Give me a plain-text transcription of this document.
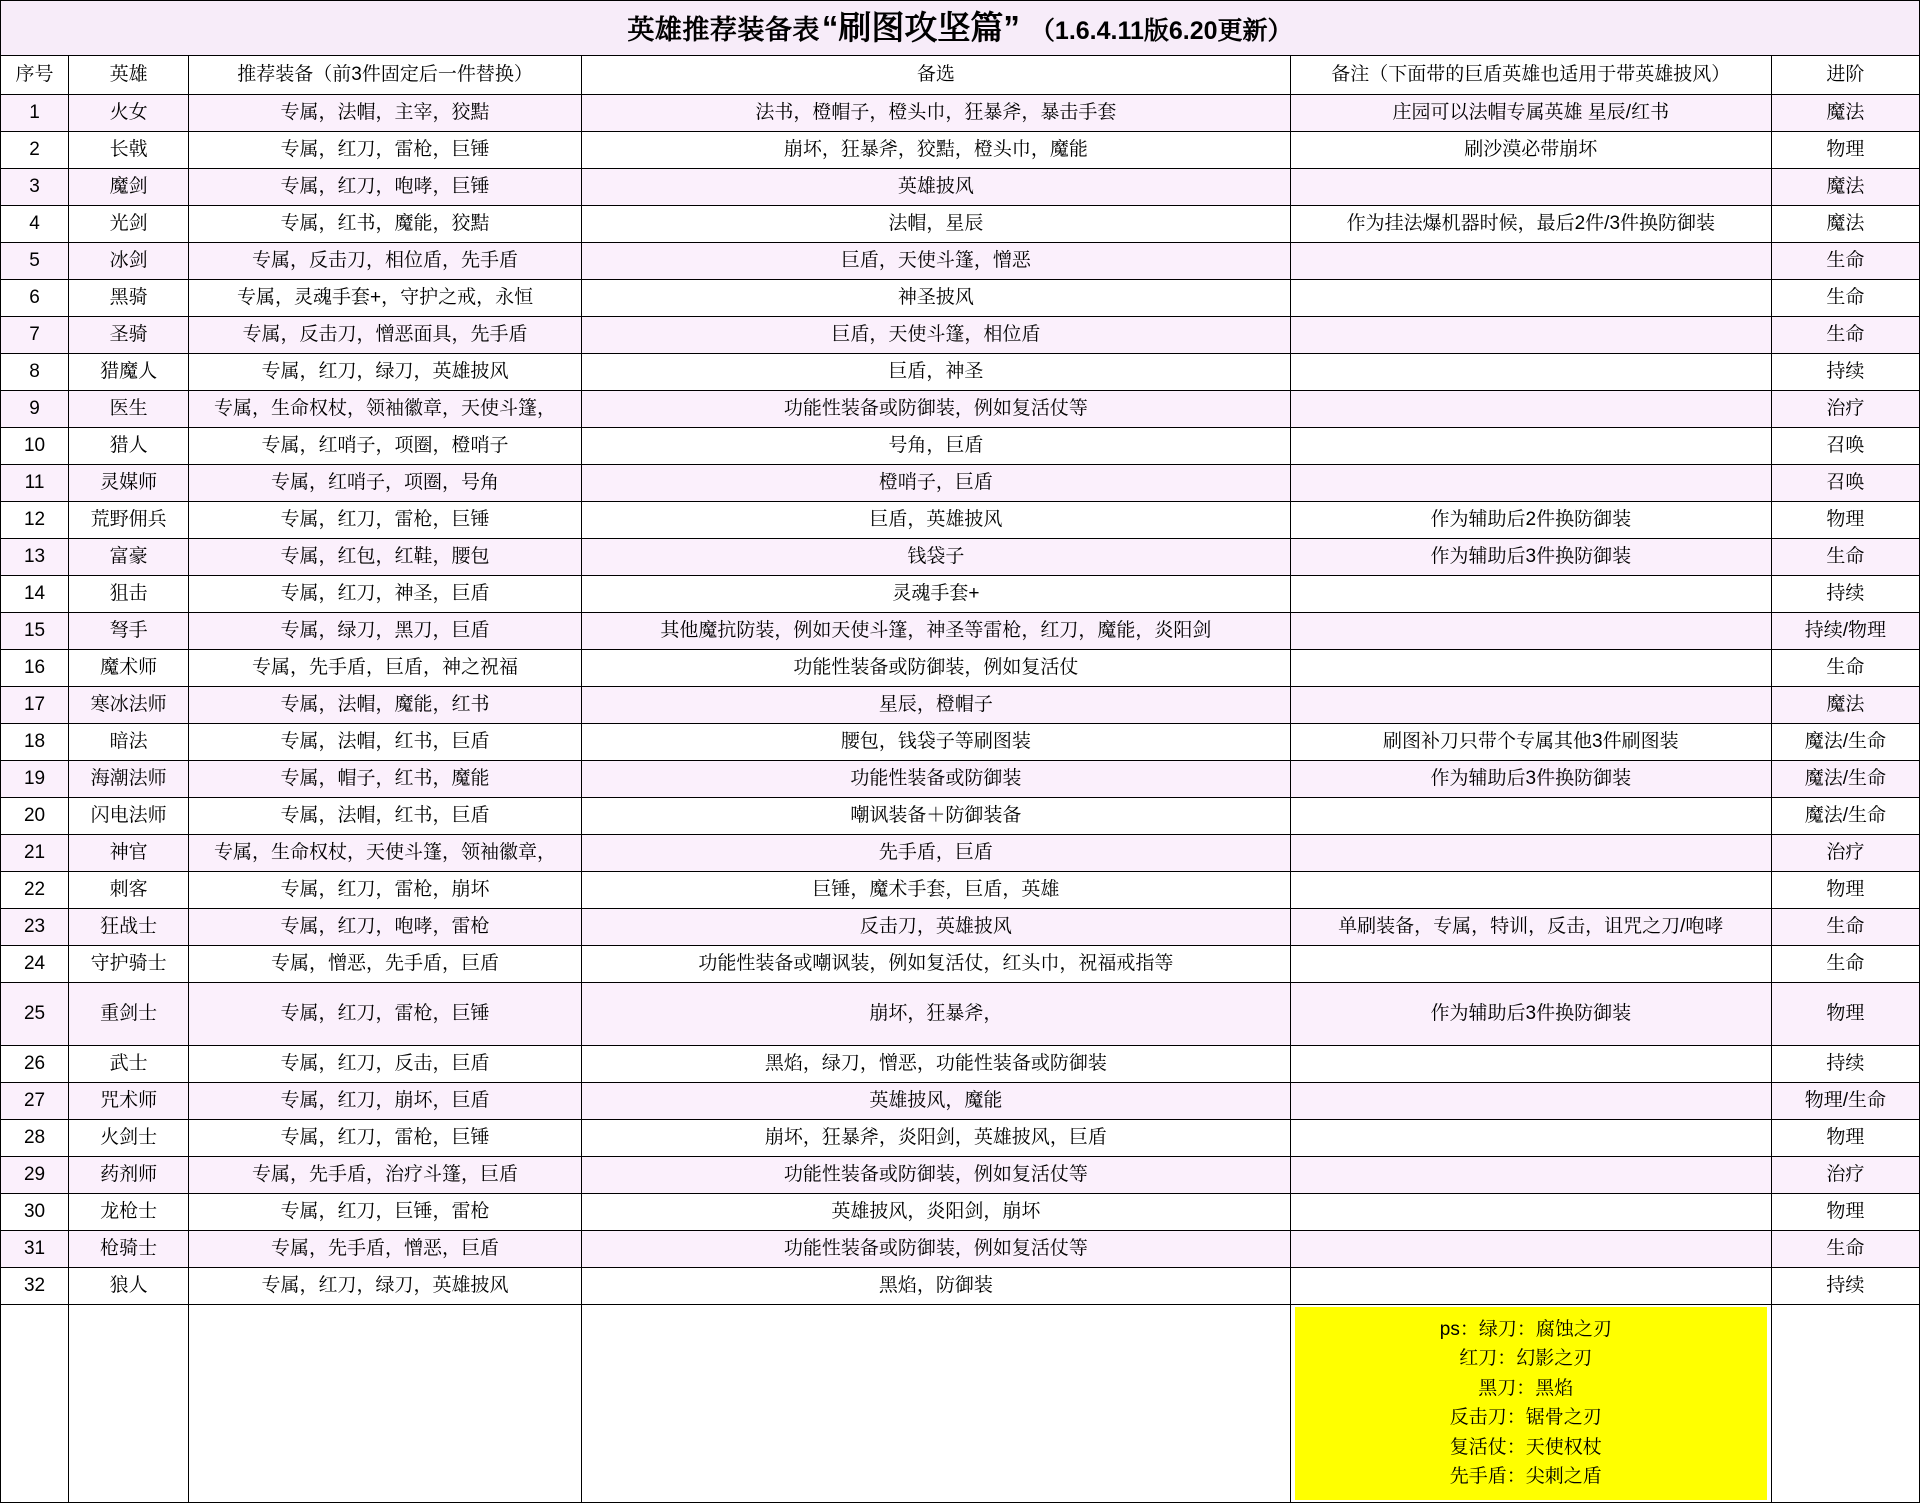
英雄推荐装备表 “刷图攻坚篇” （1.6.4.11版6.20更新）					

序号	英雄	推荐装备（前3件固定后一件替换）	备选	备注（下面带的巨盾英雄也适用于带英雄披风）	进阶
1	火女	专属，法帽，主宰，狡黠	法书，橙帽子，橙头巾，狂暴斧，暴击手套	庄园可以法帽专属英雄 星辰/红书	魔法
2	长戟	专属，红刀，雷枪，巨锤	崩坏，狂暴斧，狡黠，橙头巾，魔能	刷沙漠必带崩坏	物理
3	魔剑	专属，红刀，咆哮，巨锤	英雄披风		魔法
4	光剑	专属，红书，魔能，狡黠	法帽，星辰	作为挂法爆机器时候，最后2件/3件换防御装	魔法
5	冰剑	专属，反击刀，相位盾，先手盾	巨盾，天使斗篷，憎恶		生命
6	黑骑	专属，灵魂手套+，守护之戒，永恒	神圣披风		生命
7	圣骑	专属，反击刀，憎恶面具，先手盾	巨盾，天使斗篷，相位盾		生命
8	猎魔人	专属，红刀，绿刀，英雄披风	巨盾，神圣		持续
9	医生	专属，生命权杖，领袖徽章，天使斗篷，	功能性装备或防御装，例如复活仗等		治疗
10	猎人	专属，红哨子，项圈，橙哨子	号角，巨盾		召唤
11	灵媒师	专属，红哨子，项圈，号角	橙哨子，巨盾		召唤
12	荒野佣兵	专属，红刀，雷枪，巨锤	巨盾，英雄披风	作为辅助后2件换防御装	物理
13	富豪	专属，红包，红鞋，腰包	钱袋子	作为辅助后3件换防御装	生命
14	狙击	专属，红刀，神圣，巨盾	灵魂手套+		持续
15	弩手	专属，绿刀，黑刀，巨盾	其他魔抗防装，例如天使斗篷，神圣等雷枪，红刀，魔能，炎阳剑		持续/物理
16	魔术师	专属，先手盾，巨盾，神之祝福	功能性装备或防御装，例如复活仗		生命
17	寒冰法师	专属，法帽，魔能，红书	星辰，橙帽子		魔法
18	暗法	专属，法帽，红书，巨盾	腰包，钱袋子等刷图装	刷图补刀只带个专属其他3件刷图装	魔法/生命
19	海潮法师	专属，帽子，红书，魔能	功能性装备或防御装	作为辅助后3件换防御装	魔法/生命
20	闪电法师	专属，法帽，红书，巨盾	嘲讽装备＋防御装备		魔法/生命
21	神官	专属，生命权杖，天使斗篷，领袖徽章，	先手盾，巨盾		治疗
22	刺客	专属，红刀，雷枪，崩坏	巨锤，魔术手套，巨盾，英雄		物理
23	狂战士	专属，红刀，咆哮，雷枪	反击刀，英雄披风	单刷装备，专属，特训，反击，诅咒之刀/咆哮	生命
24	守护骑士	专属，憎恶，先手盾，巨盾	功能性装备或嘲讽装，例如复活仗，红头巾，祝福戒指等		生命
25	重剑士	专属，红刀，雷枪，巨锤	崩坏，狂暴斧，	作为辅助后3件换防御装	物理
26	武士	专属，红刀，反击，巨盾	黑焰，绿刀，憎恶，功能性装备或防御装		持续
27	咒术师	专属，红刀，崩坏，巨盾	英雄披风，魔能		物理/生命
28	火剑士	专属，红刀，雷枪，巨锤	崩坏，狂暴斧，炎阳剑，英雄披风，巨盾		物理
29	药剂师	专属，先手盾，治疗斗篷，巨盾	功能性装备或防御装，例如复活仗等		治疗
30	龙枪士	专属，红刀，巨锤，雷枪	英雄披风，炎阳剑，崩坏		物理
31	枪骑士	专属，先手盾，憎恶，巨盾	功能性装备或防御装，例如复活仗等		生命
32	狼人	专属，红刀，绿刀，英雄披风	黑焰，防御装		持续

ps：绿刀：腐蚀之刃
红刀：幻影之刃
黑刀：黑焰
反击刀：锯骨之刃
复活仗：天使权杖
先手盾：尖刺之盾
